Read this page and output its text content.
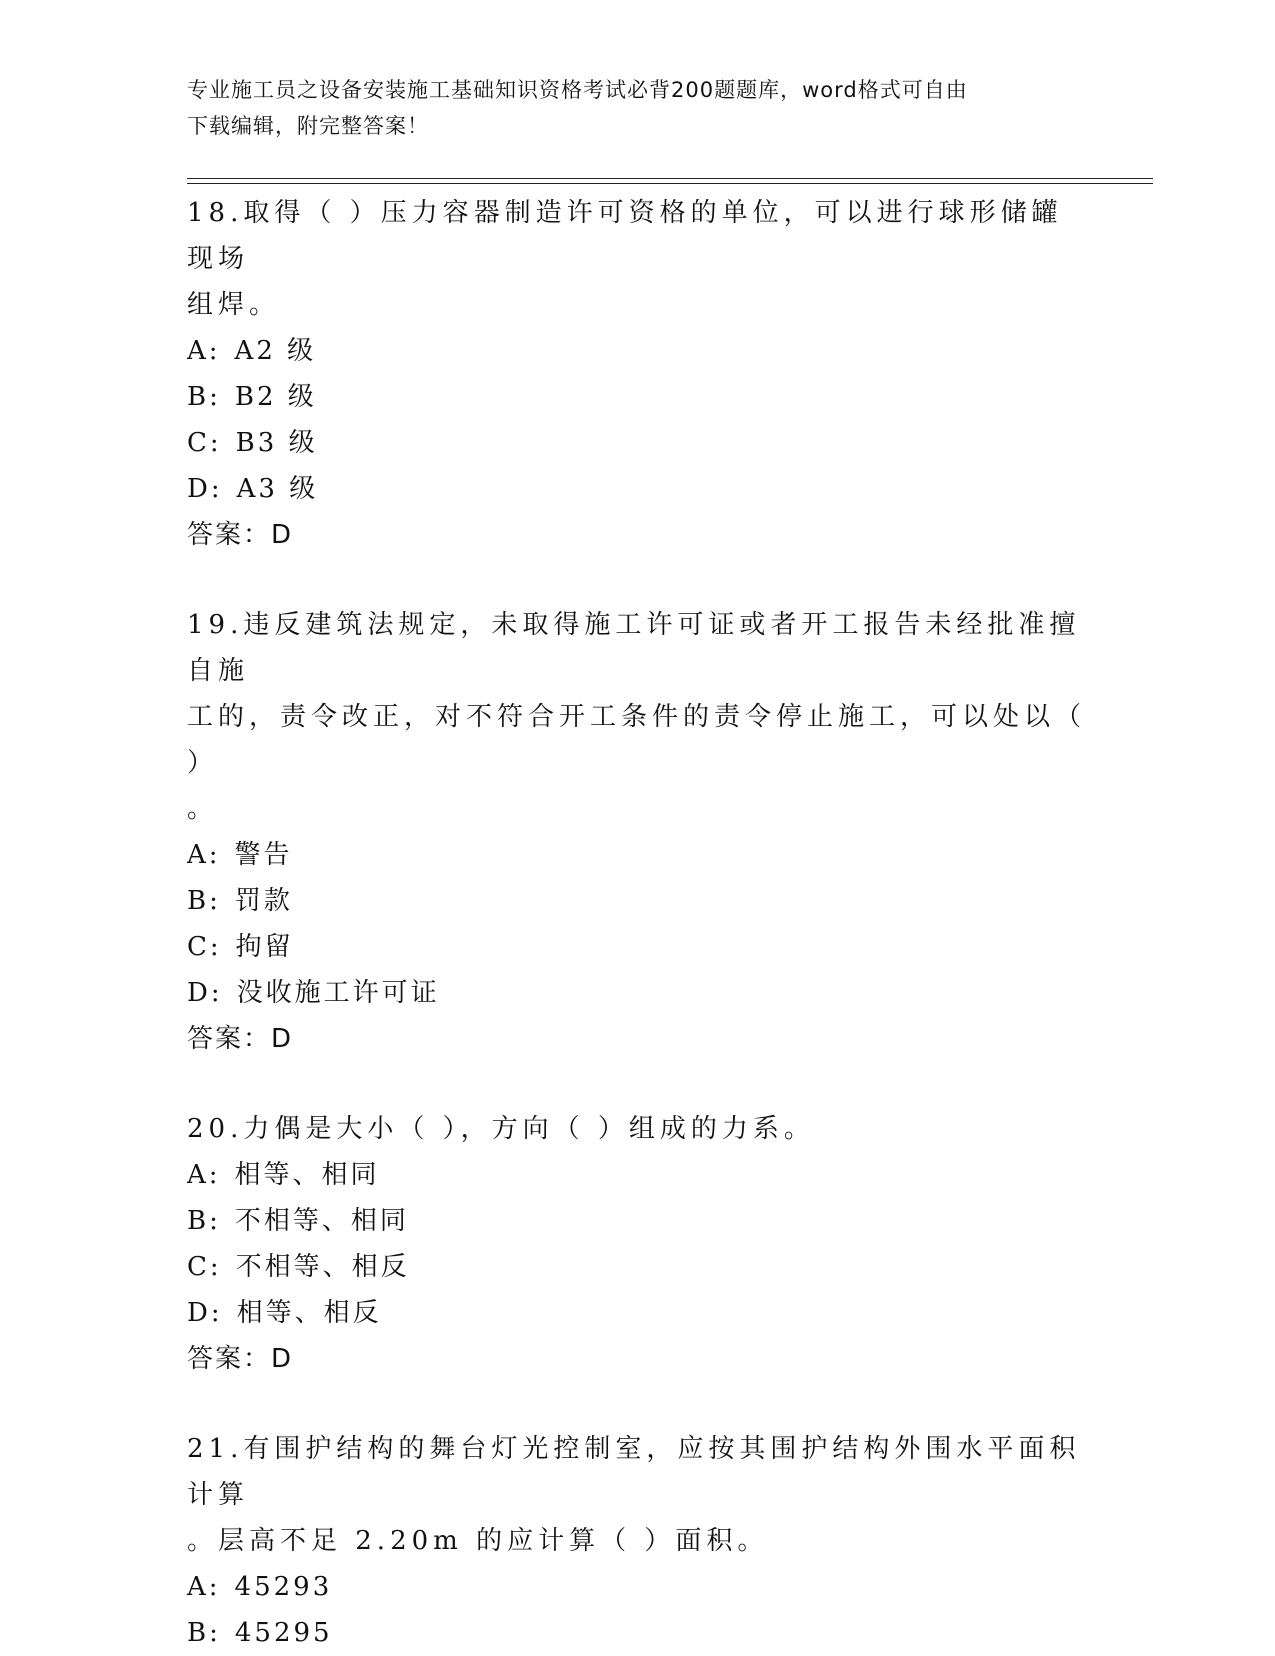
专业施工员之设备安装施工基础知识资格考试必背200题题库，word格式可自由
下载编辑，附完整答案！

18.取得（ ）压力容器制造许可资格的单位，可以进行球形储罐现场

组焊。

A: A2 级

B: B2 级

C: B3 级

D: A3 级

答案：D

19.违反建筑法规定，未取得施工许可证或者开工报告未经批准擅自施

工的，责令改正，对不符合开工条件的责令停止施工，可以处以（ ）

。

A: 警告

B: 罚款

C: 拘留

D: 没收施工许可证

答案：D

20.力偶是大小（ ），方向（ ）组成的力系。

A: 相等、相同

B: 不相等、相同

C: 不相等、相反

D: 相等、相反

答案：D

21.有围护结构的舞台灯光控制室，应按其围护结构外围水平面积计算

。层高不足 2.20m 的应计算（ ）面积。

A: 45293

B: 45295
